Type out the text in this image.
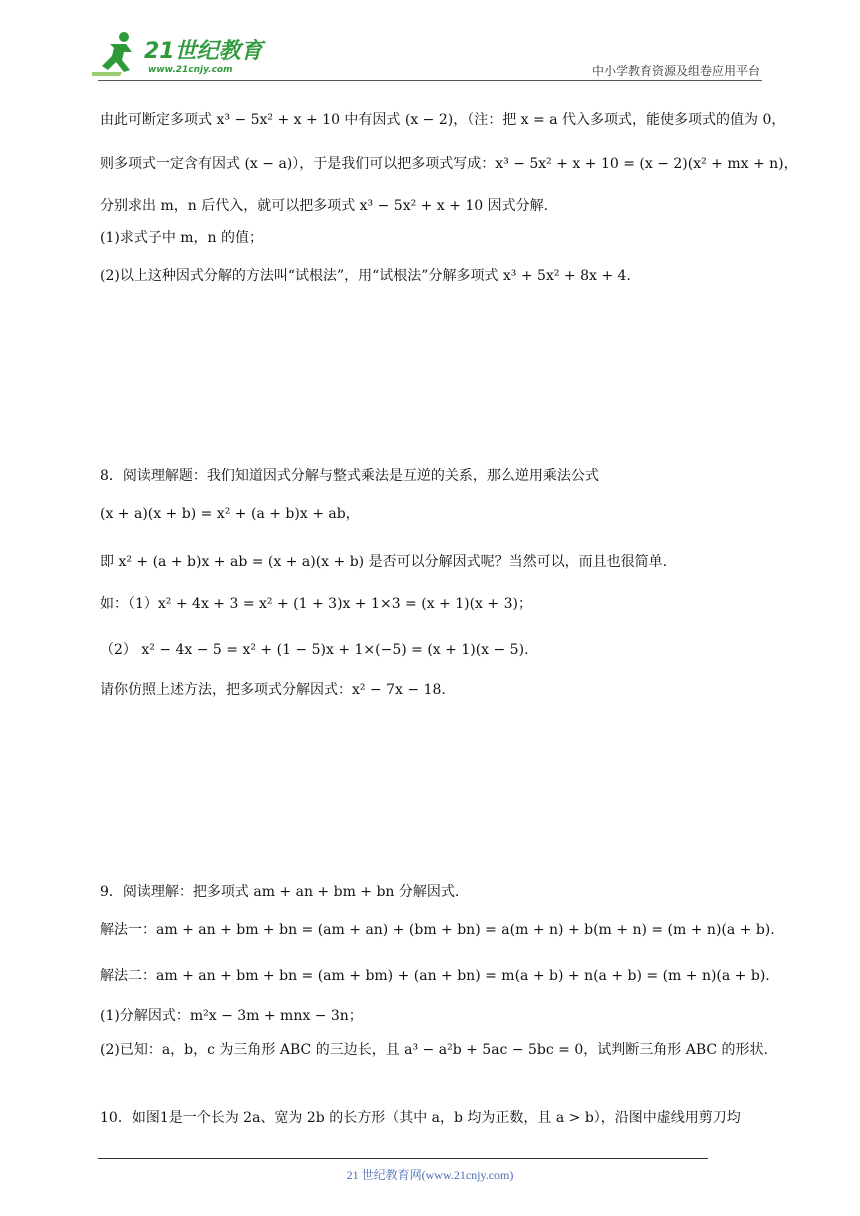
21世纪教育
www.21cnjy.com	中小学教育资源及组卷应用平台
由此可断定多项式 x³ − 5x² + x + 10 中有因式 (x − 2)，（注：把 x = a 代入多项式，能使多项式的值为 0，
则多项式一定含有因式 (x − a)），于是我们可以把多项式写成：x³ − 5x² + x + 10 = (x − 2)(x² + mx + n)，
分别求出 m，n 后代入，就可以把多项式 x³ − 5x² + x + 10 因式分解.
(1)求式子中 m，n 的值；
(2)以上这种因式分解的方法叫“试根法”，用“试根法”分解多项式 x³ + 5x² + 8x + 4.
8．阅读理解题：我们知道因式分解与整式乘法是互逆的关系，那么逆用乘法公式
(x + a)(x + b) = x² + (a + b)x + ab，
即 x² + (a + b)x + ab = (x + a)(x + b) 是否可以分解因式呢？当然可以，而且也很简单.
如：（1）x² + 4x + 3 = x² + (1 + 3)x + 1×3 = (x + 1)(x + 3)；
（2） x² − 4x − 5 = x² + (1 − 5)x + 1×(−5) = (x + 1)(x − 5).
请你仿照上述方法，把多项式分解因式：x² − 7x − 18.
9．阅读理解：把多项式 am + an + bm + bn 分解因式.
解法一：am + an + bm + bn = (am + an) + (bm + bn) = a(m + n) + b(m + n) = (m + n)(a + b).
解法二：am + an + bm + bn = (am + bm) + (an + bn) = m(a + b) + n(a + b) = (m + n)(a + b).
(1)分解因式：m²x − 3m + mnx − 3n；
(2)已知：a，b，c 为三角形 ABC 的三边长，且 a³ − a²b + 5ac − 5bc = 0，试判断三角形 ABC 的形状.
10．如图1是一个长为 2a、宽为 2b 的长方形（其中 a，b 均为正数，且 a > b），沿图中虚线用剪刀均
21 世纪教育网(www.21cnjy.com)
